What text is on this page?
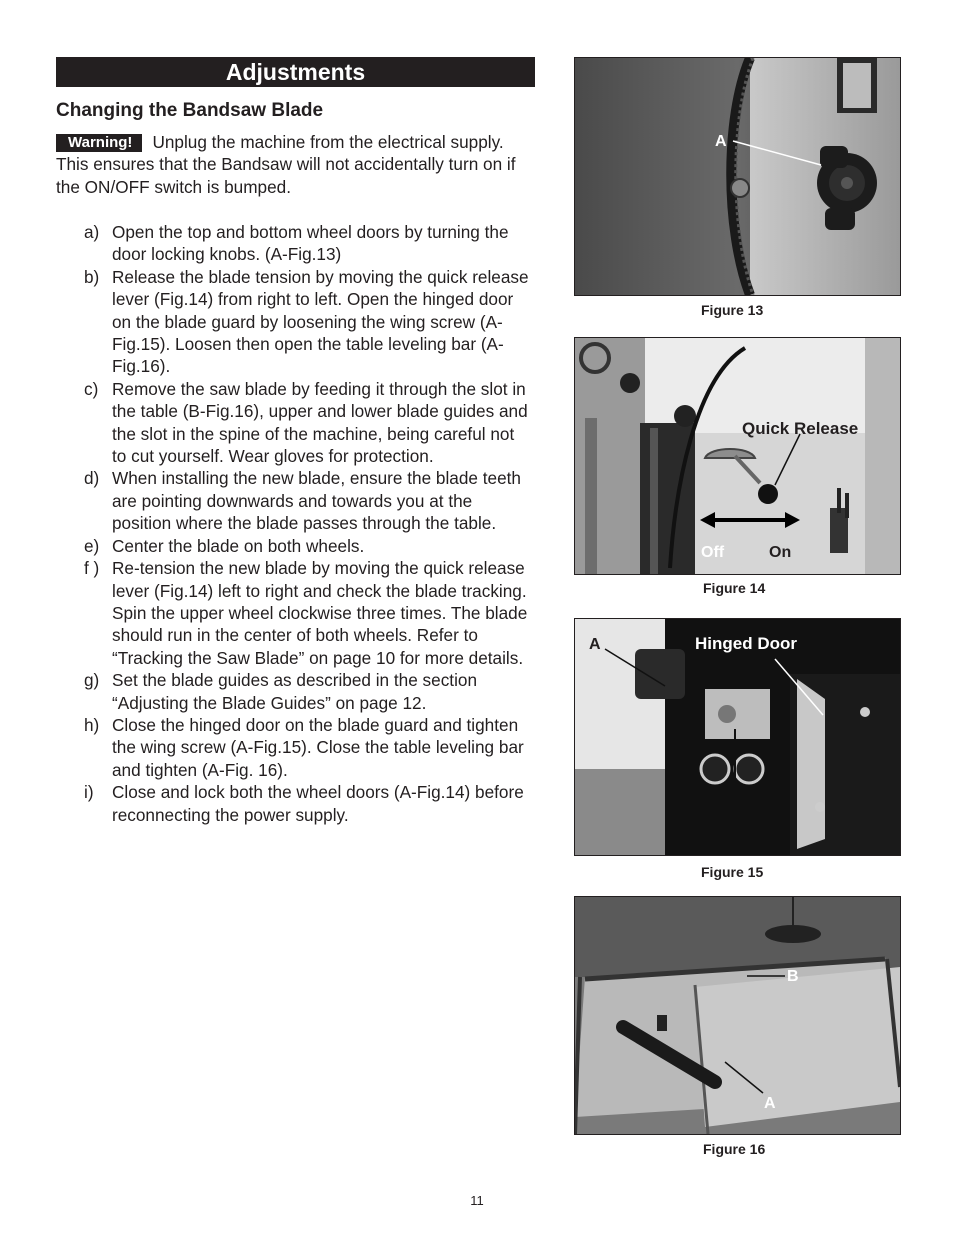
Adjustments
Changing the Bandsaw Blade
Warning! Unplug the machine from the electrical supply. This ensures that the Bandsaw will not accidentally turn on if the ON/OFF switch is bumped.
a) Open the top and bottom wheel doors by turning the door locking knobs. (A-Fig.13)
b) Release the blade tension by moving the quick release lever (Fig.14) from right to left. Open the hinged door on the blade guard by loosening the wing screw (A-Fig.15). Loosen then open the table leveling bar (A-Fig.16).
c) Remove the saw blade by feeding it through the slot in the table (B-Fig.16), upper and lower blade guides and the slot in the spine of the machine, being careful not to cut yourself. Wear gloves for protection.
d) When installing the new blade, ensure the blade teeth are pointing downwards and towards you at the position where the blade passes through the table.
e) Center the blade on both wheels.
f ) Re-tension the new blade by moving the quick release lever (Fig.14) left to right and check the blade tracking. Spin the upper wheel clockwise three times. The blade should run in the center of both wheels. Refer to “Tracking the Saw Blade” on page 10 for more details.
g) Set the blade guides as described in the section “Adjusting the Blade Guides” on page 12.
h) Close the hinged door on the blade guard and tighten the wing screw (A-Fig.15). Close the table leveling bar and tighten (A-Fig. 16).
i) Close and lock both the wheel doors (A-Fig.14) before reconnecting the power supply.
A
Figure 13
Quick Release
Off	On
Figure 14
A	Hinged Door
Figure 15
B
A
Figure 16
11
